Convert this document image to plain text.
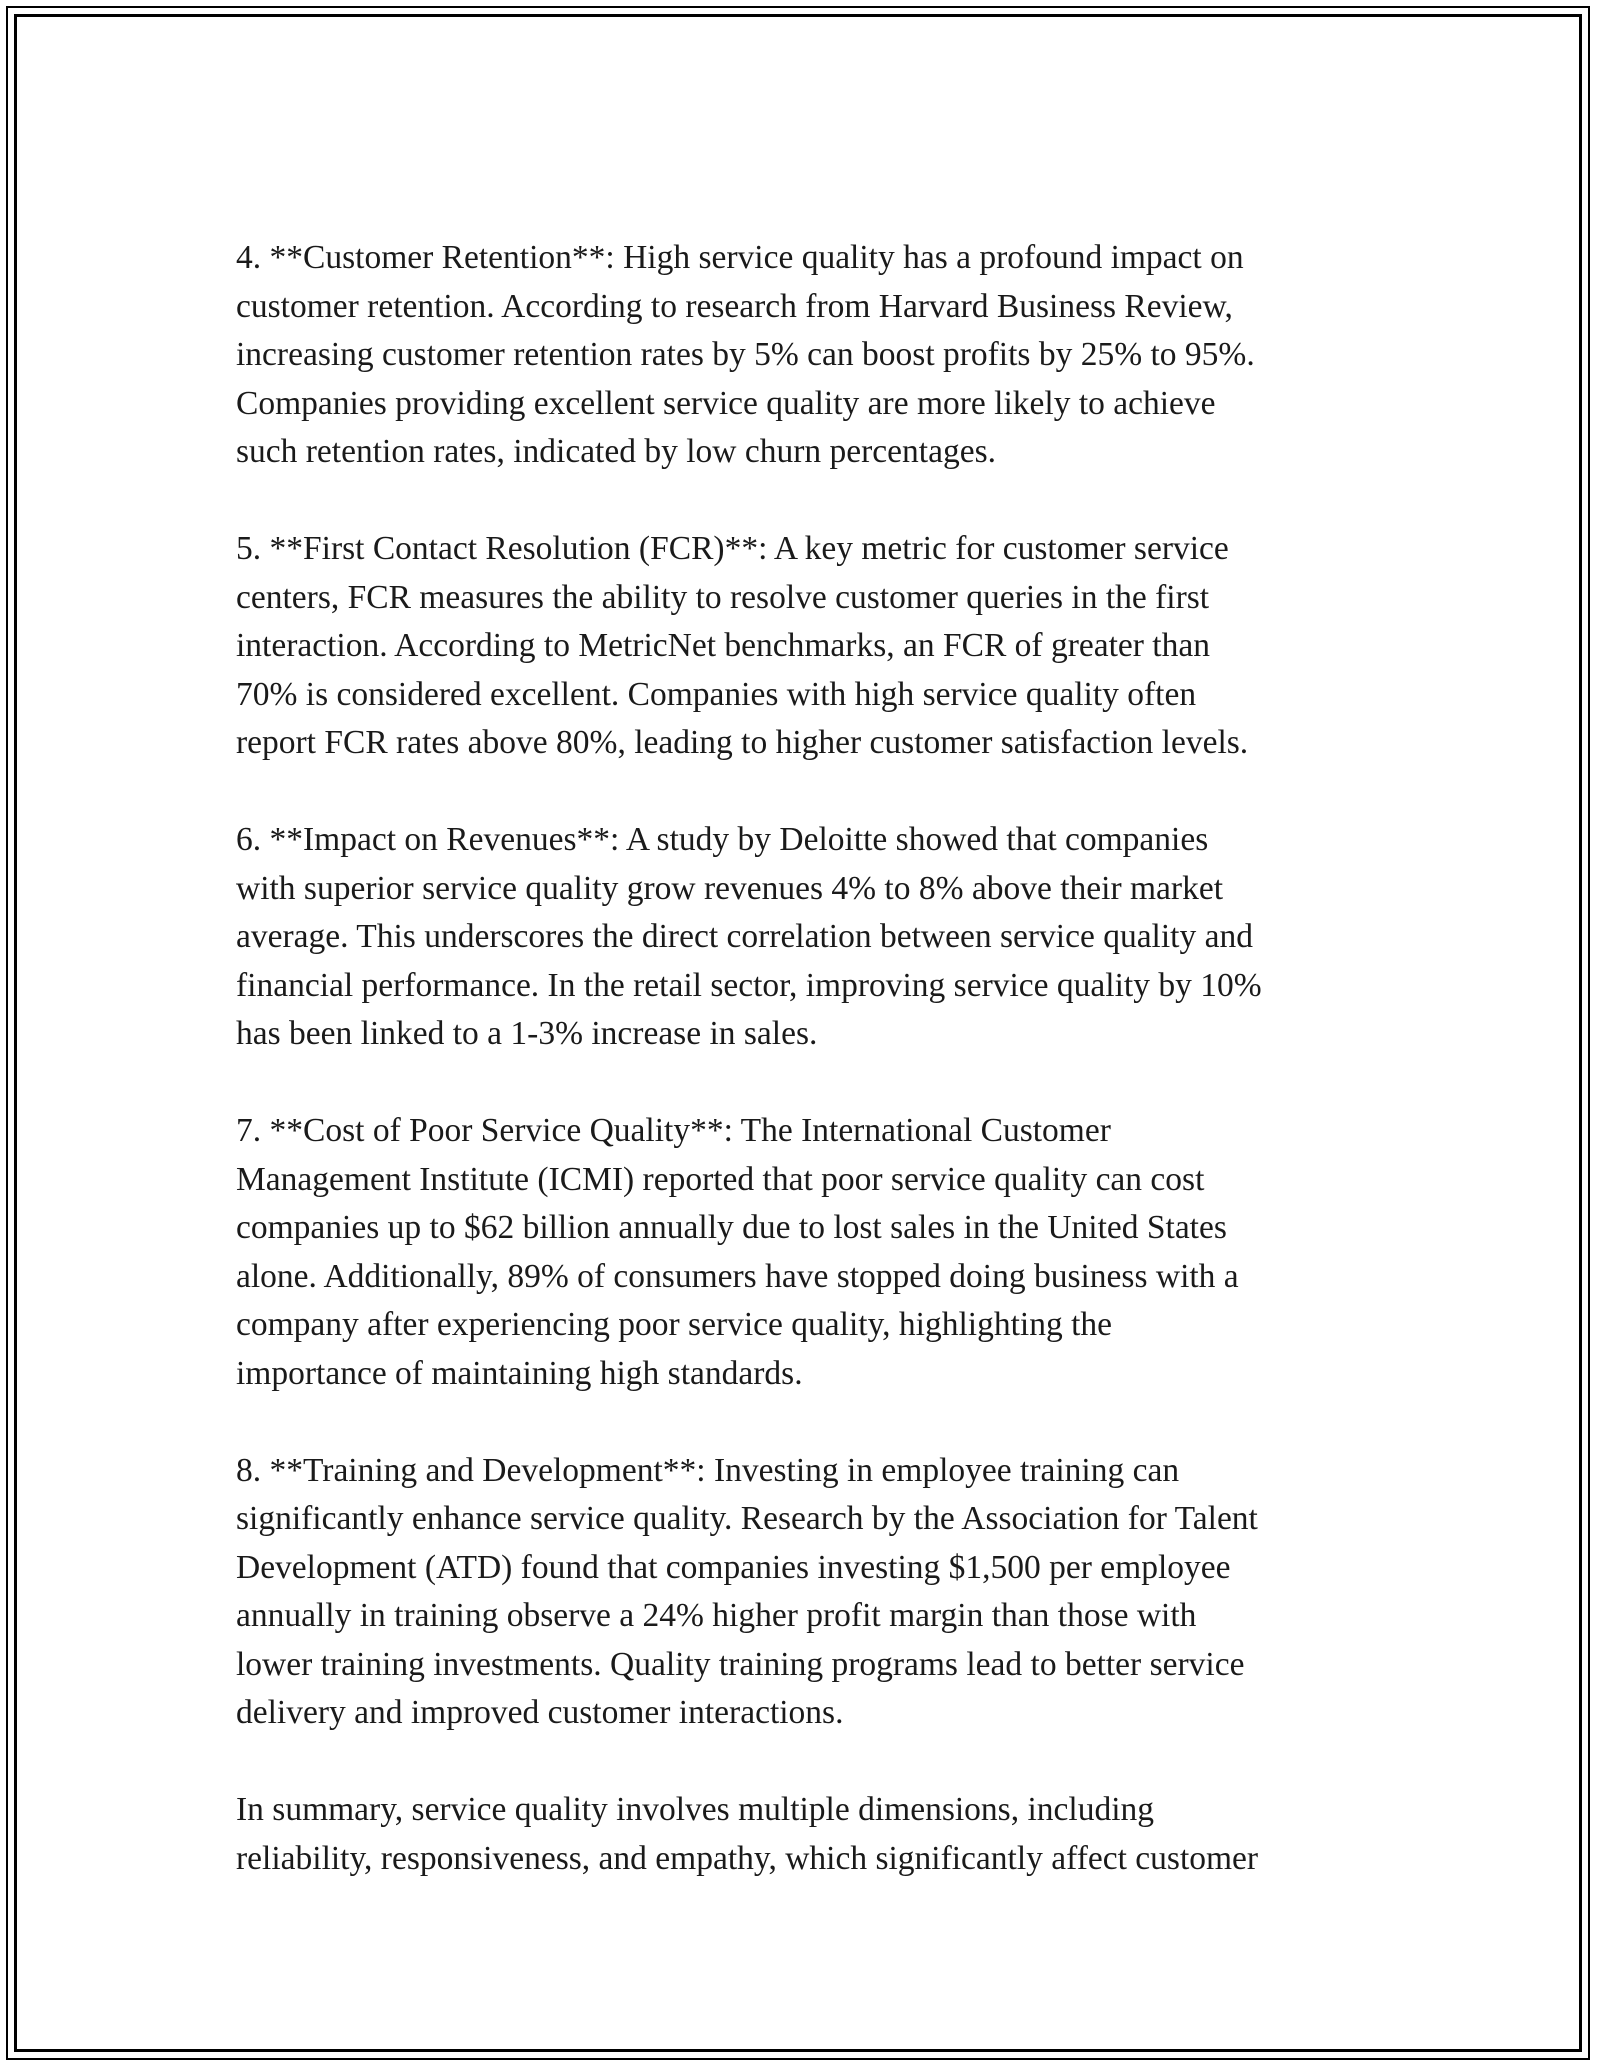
4. **Customer Retention**: High service quality has a profound impact on
customer retention. According to research from Harvard Business Review,
increasing customer retention rates by 5% can boost profits by 25% to 95%.
Companies providing excellent service quality are more likely to achieve
such retention rates, indicated by low churn percentages.

5. **First Contact Resolution (FCR)**: A key metric for customer service
centers, FCR measures the ability to resolve customer queries in the first
interaction. According to MetricNet benchmarks, an FCR of greater than
70% is considered excellent. Companies with high service quality often
report FCR rates above 80%, leading to higher customer satisfaction levels.

6. **Impact on Revenues**: A study by Deloitte showed that companies
with superior service quality grow revenues 4% to 8% above their market
average. This underscores the direct correlation between service quality and
financial performance. In the retail sector, improving service quality by 10%
has been linked to a 1-3% increase in sales.

7. **Cost of Poor Service Quality**: The International Customer
Management Institute (ICMI) reported that poor service quality can cost
companies up to $62 billion annually due to lost sales in the United States
alone. Additionally, 89% of consumers have stopped doing business with a
company after experiencing poor service quality, highlighting the
importance of maintaining high standards.

8. **Training and Development**: Investing in employee training can
significantly enhance service quality. Research by the Association for Talent
Development (ATD) found that companies investing $1,500 per employee
annually in training observe a 24% higher profit margin than those with
lower training investments. Quality training programs lead to better service
delivery and improved customer interactions.

In summary, service quality involves multiple dimensions, including
reliability, responsiveness, and empathy, which significantly affect customer
